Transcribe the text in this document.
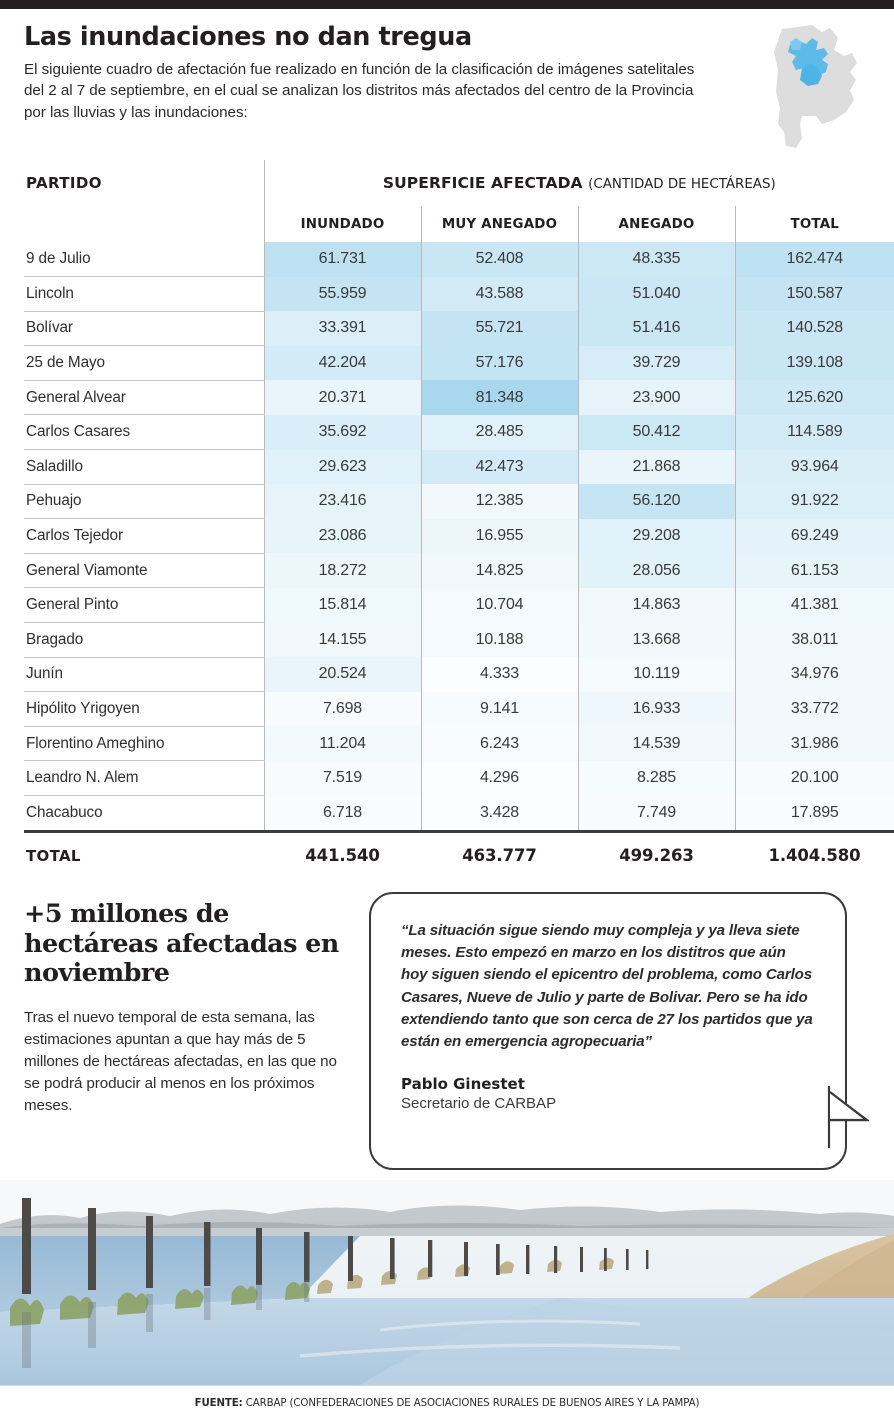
Las inundaciones no dan tregua
El siguiente cuadro de afectación fue realizado en función de la clasificación de imágenes satelitales del 2 al 7 de septiembre, en el cual se analizan los distritos más afectados del centro de la Provincia por las lluvias y las inundaciones:
PARTIDO	SUPERFICIE AFECTADA (CANTIDAD DE HECTÁREAS)			
	INUNDADO	MUY ANEGADO	ANEGADO	TOTAL
9 de Julio	61.731	52.408	48.335	162.474
Lincoln	55.959	43.588	51.040	150.587
Bolívar	33.391	55.721	51.416	140.528
25 de Mayo	42.204	57.176	39.729	139.108
General Alvear	20.371	81.348	23.900	125.620
Carlos Casares	35.692	28.485	50.412	114.589
Saladillo	29.623	42.473	21.868	93.964
Pehuajo	23.416	12.385	56.120	91.922
Carlos Tejedor	23.086	16.955	29.208	69.249
General Viamonte	18.272	14.825	28.056	61.153
General Pinto	15.814	10.704	14.863	41.381
Bragado	14.155	10.188	13.668	38.011
Junín	20.524	4.333	10.119	34.976
Hipólito Yrigoyen	7.698	9.141	16.933	33.772
Florentino Ameghino	11.204	6.243	14.539	31.986
Leandro N. Alem	7.519	4.296	8.285	20.100
Chacabuco	6.718	3.428	7.749	17.895
TOTAL	441.540	463.777	499.263	1.404.580
+5 millones de hectáreas afectadas en noviembre

Tras el nuevo temporal de esta semana, las estimaciones apuntan a que hay más de 5 millones de hectáreas afectadas, en las que no se podrá producir al menos en los próximos meses.

“La situación sigue siendo muy compleja y ya lleva siete meses. Esto empezó en marzo en los distitros que aún hoy siguen siendo el epicentro del problema, como Carlos Casares, Nueve de Julio y parte de Bolivar. Pero se ha ido extendiendo tanto que son cerca de 27 los partidos que ya están en emergencia agropecuaria”
Pablo Ginestet
Secretario de CARBAP
FUENTE: CARBAP (CONFEDERACIONES DE ASOCIACIONES RURALES DE BUENOS AIRES Y LA PAMPA)
